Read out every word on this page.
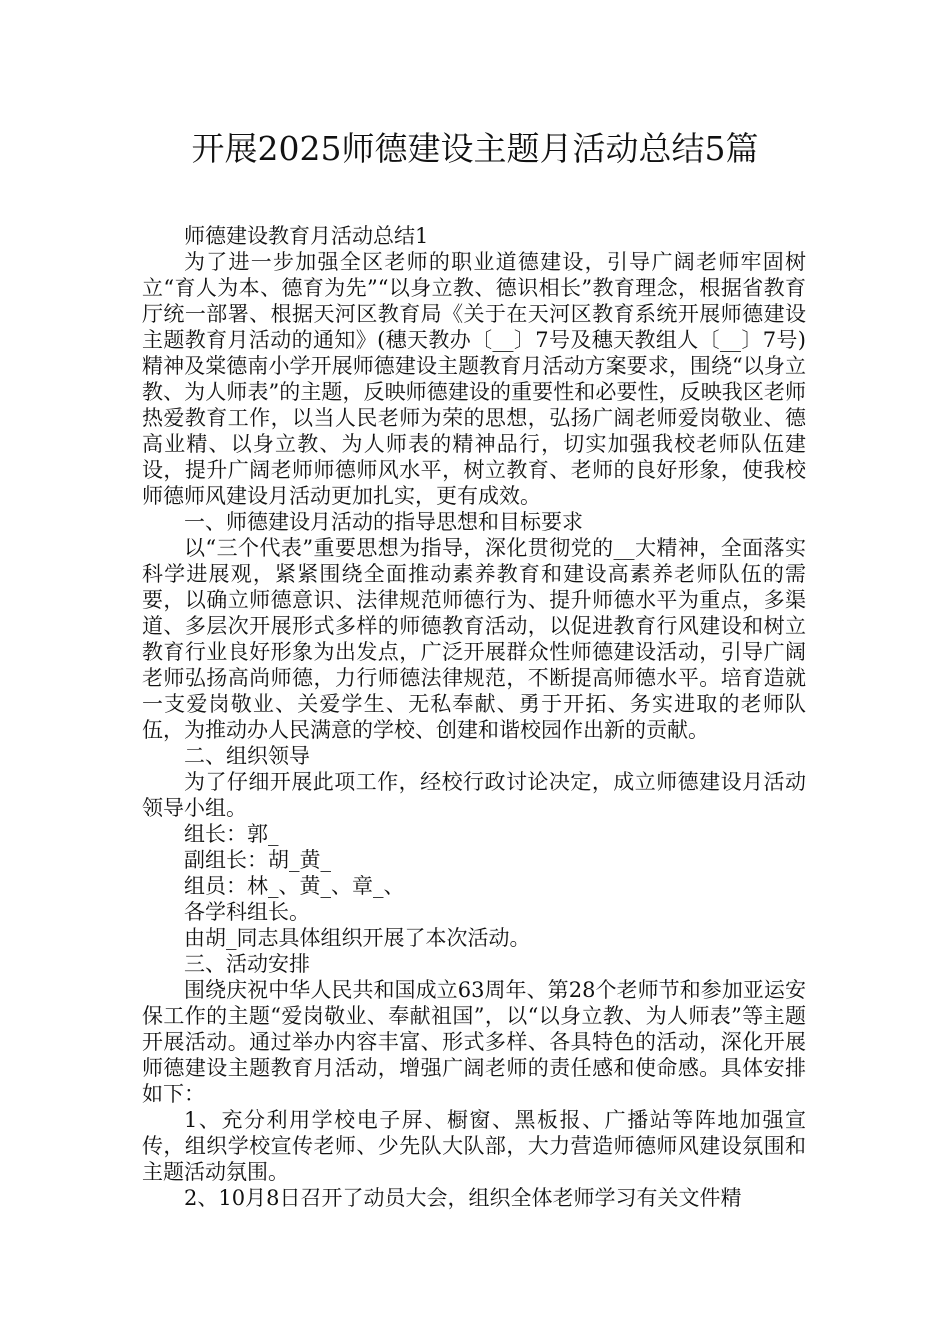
开展2025师德建设主题月活动总结5篇

师德建设教育月活动总结1

为了进一步加强全区老师的职业道德建设，引导广阔老师牢固树立“育人为本、德育为先”“以身立教、德识相长”教育理念，根据省教育厅统一部署、根据天河区教育局《关于在天河区教育系统开展师德建设主题教育月活动的通知》(穗天教办〔__〕7号及穗天教组人〔__〕7号)精神及棠德南小学开展师德建设主题教育月活动方案要求，围绕“以身立教、为人师表”的主题，反映师德建设的重要性和必要性，反映我区老师热爱教育工作，以当人民老师为荣的思想，弘扬广阔老师爱岗敬业、德高业精、以身立教、为人师表的精神品行，切实加强我校老师队伍建设，提升广阔老师师德师风水平，树立教育、老师的良好形象，使我校师德师风建设月活动更加扎实，更有成效。

一、师德建设月活动的指导思想和目标要求

以“三个代表”重要思想为指导，深化贯彻党的__大精神，全面落实科学进展观，紧紧围绕全面推动素养教育和建设高素养老师队伍的需要，以确立师德意识、法律规范师德行为、提升师德水平为重点，多渠道、多层次开展形式多样的师德教育活动，以促进教育行风建设和树立教育行业良好形象为出发点，广泛开展群众性师德建设活动，引导广阔老师弘扬高尚师德，力行师德法律规范，不断提高师德水平。培育造就一支爱岗敬业、关爱学生、无私奉献、勇于开拓、务实进取的老师队伍，为推动办人民满意的学校、创建和谐校园作出新的贡献。

二、组织领导

为了仔细开展此项工作，经校行政讨论决定，成立师德建设月活动领导小组。

组长：郭_

副组长：胡_黄_

组员：林_、黄_、章_、

各学科组长。

由胡_同志具体组织开展了本次活动。

三、活动安排

围绕庆祝中华人民共和国成立63周年、第28个老师节和参加亚运安保工作的主题“爱岗敬业、奉献祖国”，以“以身立教、为人师表”等主题开展活动。通过举办内容丰富、形式多样、各具特色的活动，深化开展师德建设主题教育月活动，增强广阔老师的责任感和使命感。具体安排如下：

1、充分利用学校电子屏、橱窗、黑板报、广播站等阵地加强宣传，组织学校宣传老师、少先队大队部，大力营造师德师风建设氛围和主题活动氛围。

2、10月8日召开了动员大会，组织全体老师学习有关文件精
